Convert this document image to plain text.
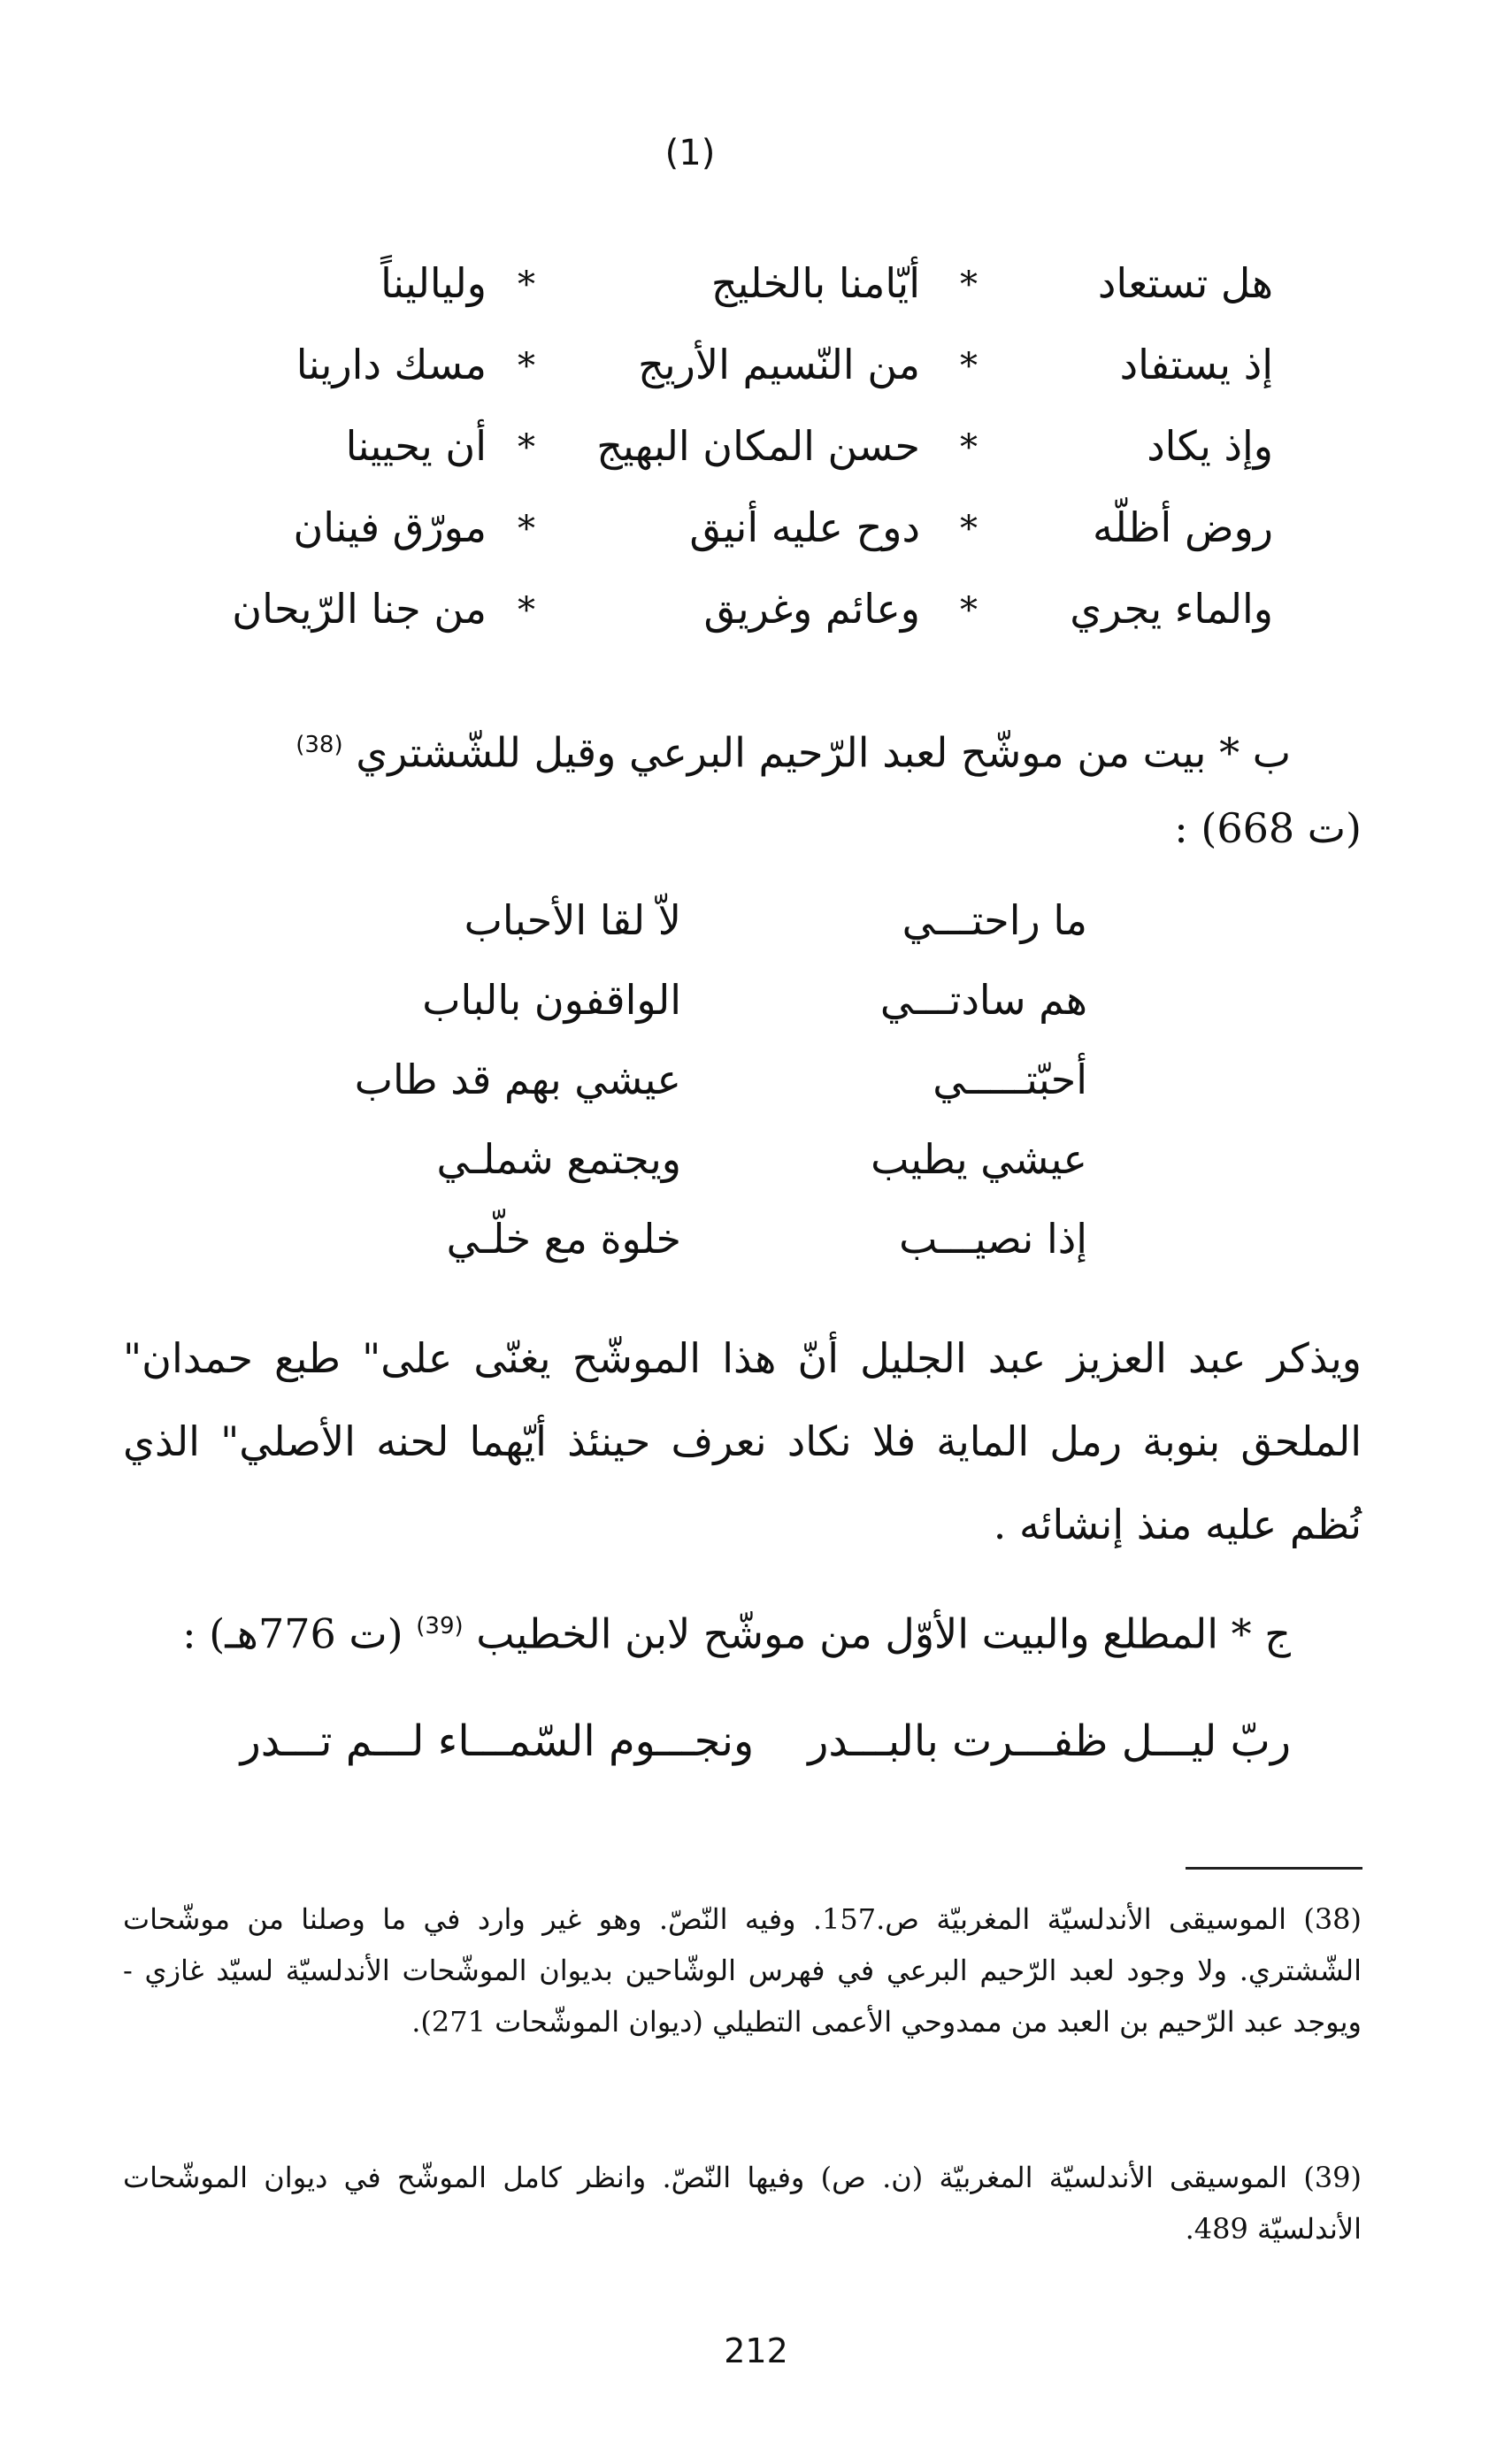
(1)
هل تستعاد
*
أيّامنا بالخليج
*
ولياليناً
إذ يستفاد
*
من النّسيم الأريج
*
مسك دارينا
وإذ يكاد
*
حسن المكان البهيج
*
أن يحيينا
روض أظلّه
*
دوح عليه أنيق
*
مورّق فينان
والماء يجري
*
وعائم وغريق
*
من جنا الرّيحان
ب * بيت من موشّح لعبد الرّحيم البرعي وقيل للشّشتري $^{(38)}$
(ت 668) :
ما راحتـــي
لاّ لقا الأحباب
هم سادتـــي
الواقفون بالباب
أحبّتـــــي
عيشي بهم قد طاب
عيشي يطيب
ويجتمع شملـي
إذا نصيـــب
خلوة مع خلّـي
ويذكر عبد العزيز عبد الجليل أنّ هذا الموشّح يغنّى على" طبع حمدان" الملحق بنوبة رمل الماية فلا نكاد نعرف حينئذ أيّهما لحنه الأصلي" الذي نُظم عليه منذ إنشائه .
ج * المطلع والبيت الأوّل من موشّح لابن الخطيب $^{(39)}$ (ت 776هـ) :
ربّ ليـــل ظفـــرت بالبـــدر    ونجـــوم السّمـــاء لـــم تـــدر
(38) الموسيقى الأندلسيّة المغربيّة ص.157. وفيه النّصّ. وهو غير وارد في ما وصلنا من موشّحات الشّشتري. ولا وجود لعبد الرّحيم البرعي في فهرس الوشّاحين بديوان الموشّحات الأندلسيّة لسيّد غازي - ويوجد عبد الرّحيم بن العبد من ممدوحي الأعمى التطيلي (ديوان الموشّحات 271).
(39) الموسيقى الأندلسيّة المغربيّة (ن. ص) وفيها النّصّ. وانظر كامل الموشّح في ديوان الموشّحات الأندلسيّة 489.
212
